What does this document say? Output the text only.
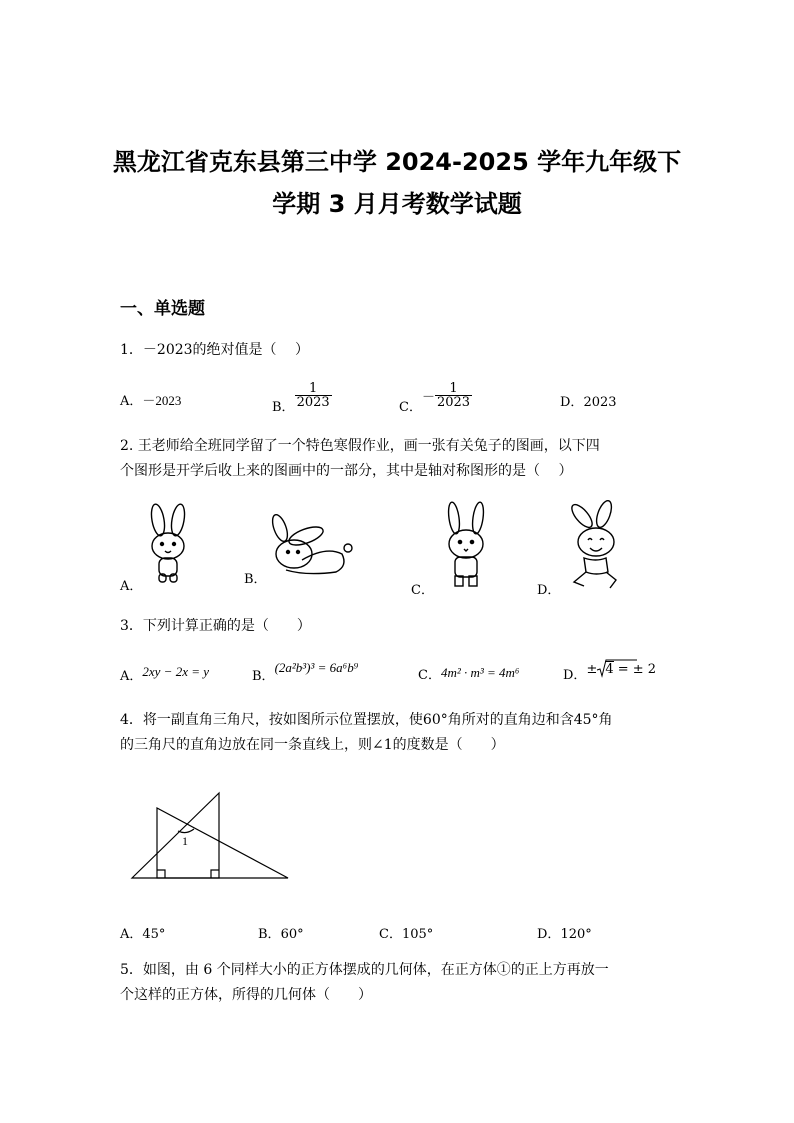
黑龙江省克东县第三中学 2024-2025 学年九年级下
学期 3 月月考数学试题
一、单选题
1．－2023的绝对值是（　 ）
A．－2023	B． $\frac{1}{2023}$	C．－ $\frac{1}{2023}$	D．2023
2. 王老师给全班同学留了一个特色寒假作业，画一张有关兔子的图画，以下四
个图形是开学后收上来的图画中的一部分，其中是轴对称图形的是（　 ）
A．	B．
C．	D．
3．下列计算正确的是（　　）
A．2xy − 2x = y	B．(2a²b³)³ = 6a⁶b⁹
C．4m² · m³ = 4m⁶	D．± 4 = ± 2
4．将一副直角三角尺，按如图所示位置摆放，使60°角所对的直角边和含45°角
的三角尺的直角边放在同一条直线上，则∠1的度数是（　　）
1
A．45°	B．60°	C．105°	D．120°
5．如图，由 6 个同样大小的正方体摆成的几何体，在正方体①的正上方再放一
个这样的正方体，所得的几何体（　　）
